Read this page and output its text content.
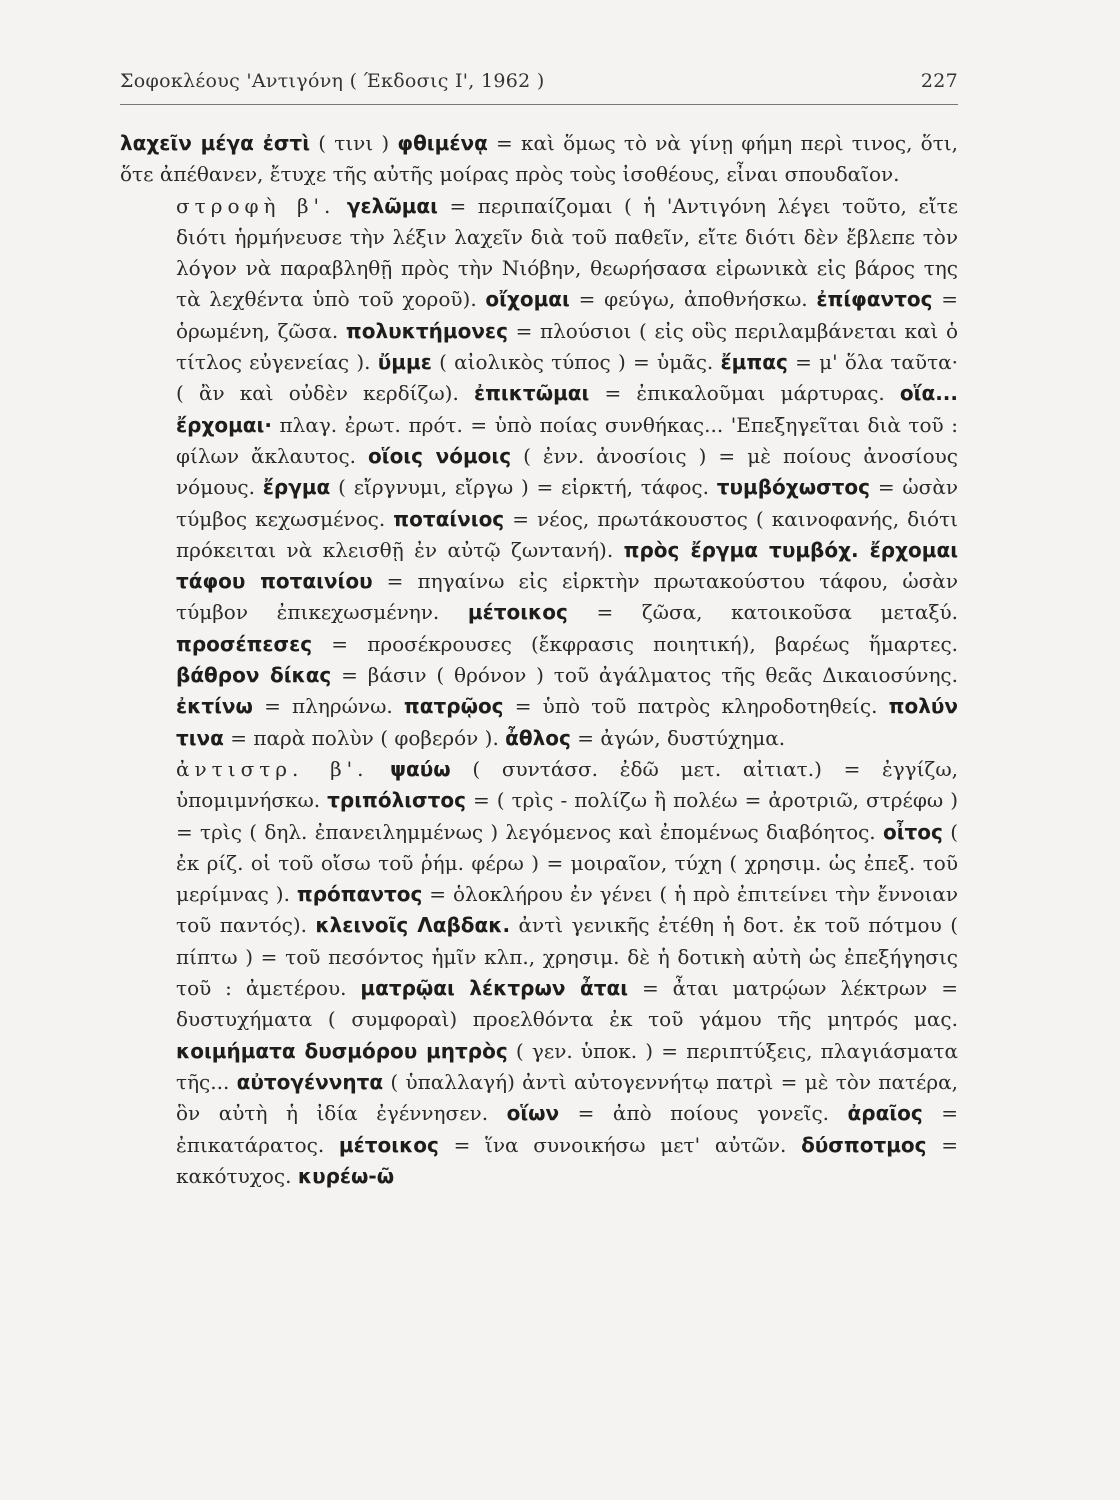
Σοφοκλέους 'Αντιγόνη ( Έκδοσις Ι', 1962 )	227
λαχεῖν μέγα ἐστὶ ( τινι ) φθιμένᾳ = καὶ ὅμως τὸ νὰ γίνῃ φήμη περὶ τινος, ὅτι, ὅτε ἀπέθανεν, ἔτυχε τῆς αὐτῆς μοίρας πρὸς τοὺς ἰσοθέους, εἶναι σπουδαῖον.
στροφὴ β'. γελῶμαι = περιπαίζομαι ( ἡ 'Αντιγόνη λέγει τοῦτο, εἴτε διότι ἡρμήνευσε τὴν λέξιν λαχεῖν διὰ τοῦ παθεῖν, εἴτε διότι δὲν ἔβλεπε τὸν λόγον νὰ παραβληθῇ πρὸς τὴν Νιόβην, θεωρήσασα εἰρωνικὰ εἰς βάρος της τὰ λεχθέντα ὑπὸ τοῦ χοροῦ). οἴχομαι = φεύγω, ἀποθνήσκω. ἐπίφαντος = ὁρωμένη, ζῶσα. πολυκτήμονες = πλούσιοι ( εἰς οὓς περιλαμβάνεται καὶ ὁ τίτλος εὐγενείας ). ὔμμε ( αἰολικὸς τύπος ) = ὑμᾶς. ἔμπας = μ' ὅλα ταῦτα· ( ἂν καὶ οὐδὲν κερδίζω). ἐπικτῶμαι = ἐπικαλοῦμαι μάρτυρας. οἵα... ἔρχομαι· πλαγ. ἐρωτ. πρότ. = ὑπὸ ποίας συνθήκας... 'Επεξηγεῖται διὰ τοῦ : φίλων ἄκλαυτος. οἵοις νόμοις ( ἐνν. ἀνοσίοις ) = μὲ ποίους ἀνοσίους νόμους. ἔργμα ( εἴργνυμι, εἴργω ) = εἱρκτή, τάφος. τυμβόχωστος = ὡσὰν τύμβος κεχωσμένος. ποταίνιος = νέος, πρωτάκουστος ( καινοφανής, διότι πρόκειται νὰ κλεισθῇ ἐν αὐτῷ ζωντανή). πρὸς ἔργμα τυμβόχ. ἔρχομαι τάφου ποταινίου = πηγαίνω εἰς εἱρκτὴν πρωτακούστου τάφου, ὡσὰν τύμβον ἐπικεχωσμένην. μέτοικος = ζῶσα, κατοικοῦσα μεταξύ. προσέπεσες = προσέκρουσες (ἔκφρασις ποιητική), βαρέως ἥμαρτες. βάθρον δίκας = βάσιν ( θρόνον ) τοῦ ἀγάλματος τῆς θεᾶς Δικαιοσύνης. ἐκτίνω = πληρώνω. πατρῷος = ὑπὸ τοῦ πατρὸς κληροδοτηθείς. πολύν τινα = παρὰ πολὺν ( φοβερόν ). ἆθλος = ἀγών, δυστύχημα.
ἀντιστρ. β'. ψαύω ( συντάσσ. ἐδῶ μετ. αἰτιατ.) = ἐγγίζω, ὑπομιμνήσκω. τριπόλιστος = ( τρὶς - πολίζω ἢ πολέω = ἀροτριῶ, στρέφω ) = τρὶς ( δηλ. ἐπανειλημμένως ) λεγόμενος καὶ ἐπομένως διαβόητος. οἶτος ( ἐκ ρίζ. οἱ τοῦ οἴσω τοῦ ῥήμ. φέρω ) = μοιραῖον, τύχη ( χρησιμ. ὡς ἐπεξ. τοῦ μερίμνας ). πρόπαντος = ὁλοκλήρου ἐν γένει ( ἡ πρὸ ἐπιτείνει τὴν ἔννοιαν τοῦ παντός). κλεινοῖς Λαβδακ. ἀντὶ γενικῆς ἐτέθη ἡ δοτ. ἐκ τοῦ πότμου ( πίπτω ) = τοῦ πεσόντος ἡμῖν κλπ., χρησιμ. δὲ ἡ δοτικὴ αὐτὴ ὡς ἐπεξήγησις τοῦ : ἀμετέρου. ματρῷαι λέκτρων ἆται = ἆται ματρῴων λέκτρων = δυστυχήματα ( συμφοραὶ) προελθόντα ἐκ τοῦ γάμου τῆς μητρός μας. κοιμήματα δυσμόρου μητρὸς ( γεν. ὑποκ. ) = περιπτύξεις, πλαγιάσματα τῆς... αὐτογέννητα ( ὑπαλλαγή) ἀντὶ αὐτογεννήτῳ πατρὶ = μὲ τὸν πατέρα, ὃν αὐτὴ ἡ ἰδία ἐγέννησεν. οἵων = ἀπὸ ποίους γονεῖς. ἀραῖος = ἐπικατάρατος. μέτοικος = ἵνα συνοικήσω μετ' αὐτῶν. δύσποτμος = κακότυχος. κυρέω-ῶ
